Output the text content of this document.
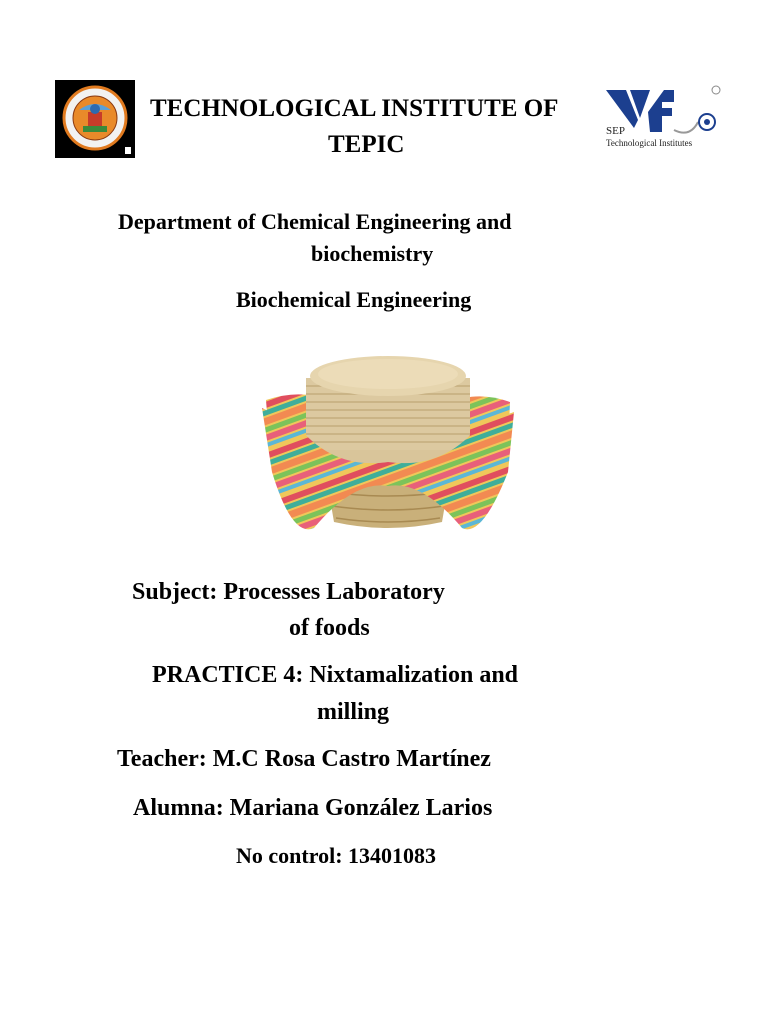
SEP
Technological Institutes
TECHNOLOGICAL INSTITUTE OF
TEPIC
Department of Chemical Engineering and
biochemistry
Biochemical Engineering
Subject: Processes Laboratory
of foods
PRACTICE 4: Nixtamalization and
milling
Teacher: M.C Rosa Castro Martínez
Alumna: Mariana González Larios
No control: 13401083
